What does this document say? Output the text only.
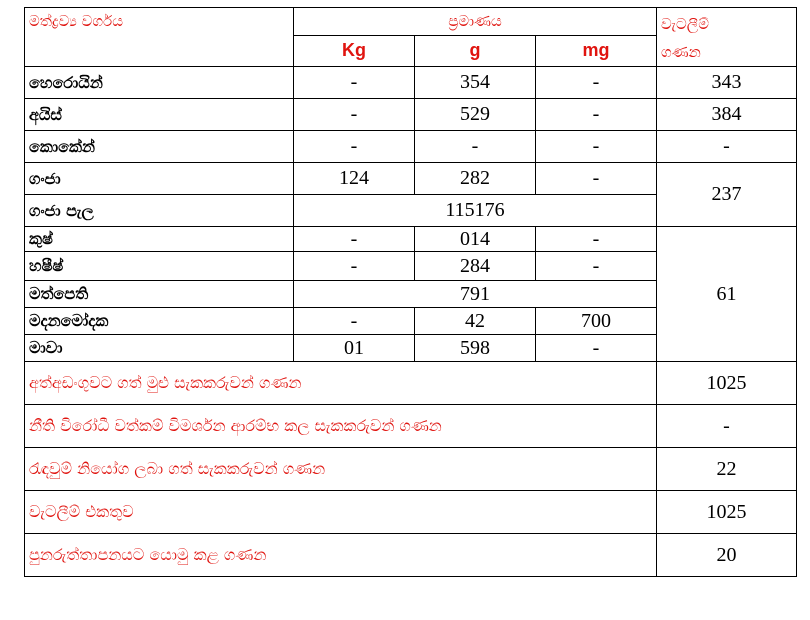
මත්ද්‍රව්‍ය වර්ගය	ප්‍රමාණය			වැටලීම්
ගණන
	Kg	g	mg	
හෙරොයින්	-	354	-	343
අයිස්	-	529	-	384
කොකේන්	-	-	-	-
ගංජා	124	282	-	237
ගංජා පැල	115176			
කුෂ්	-	014	-	61
හෂීෂ්	-	284	-	
මත්පෙති	791			
මදනමෝදක	-	42	700	
මාවා	01	598	-	
අත්අඩංගුවට ගත් මුළු සැකකරුවන් ගණන				1025
නීති විරෝධී වත්කම් විමර්ශන ආරම්භ කල සැකකරුවන් ගණන				-
රැඳවුම් නියෝග ලබා ගත් සැකකරුවන් ගණන				22
වැටලීම් එකතුව				1025
පුනරුත්තාපනයට යොමු කළ ගණන				20
